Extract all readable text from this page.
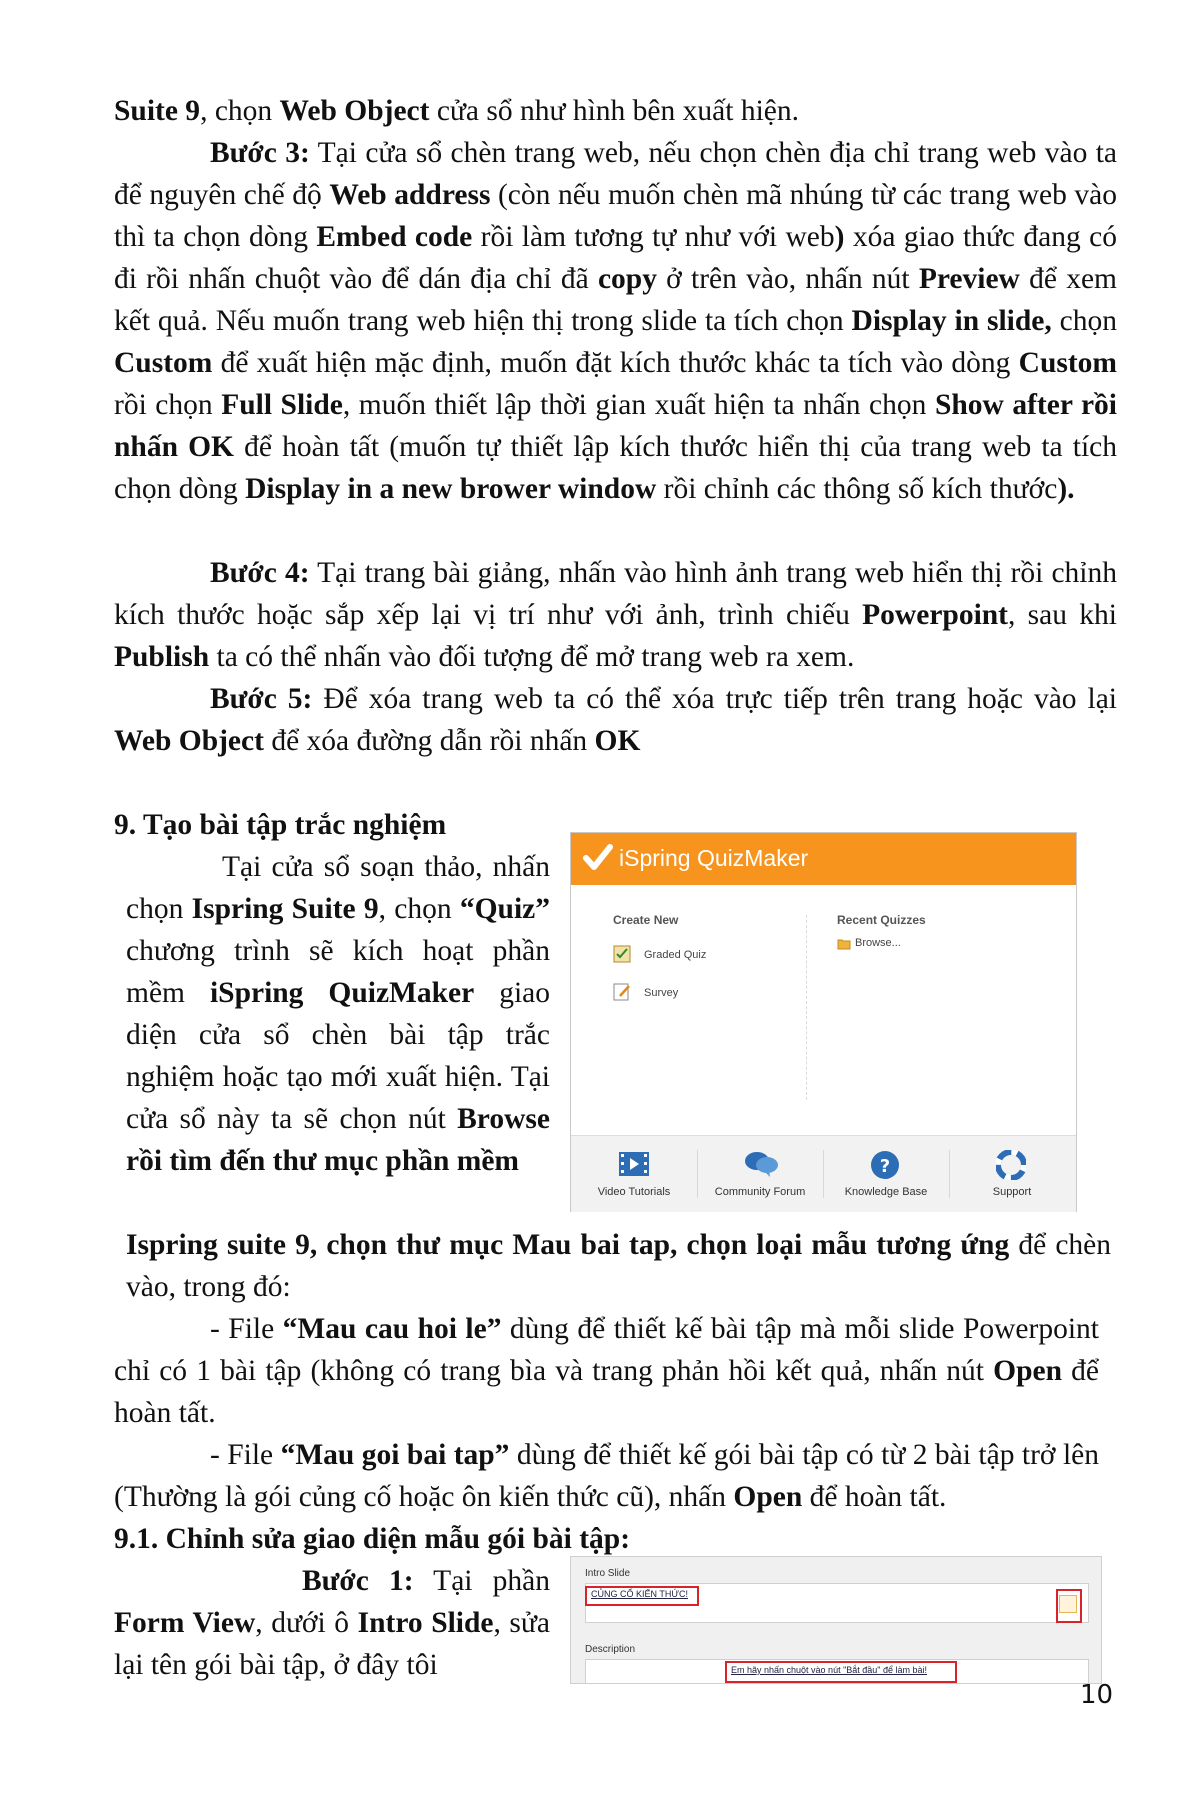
Suite 9, chọn Web Object cửa sổ như hình bên xuất hiện.

Bước 3: Tại cửa sổ chèn trang web, nếu chọn chèn địa chỉ trang web vào ta để nguyên chế độ Web address (còn nếu muốn chèn mã nhúng từ các trang web vào thì ta chọn dòng Embed code rồi làm tương tự như với web) xóa giao thức đang có đi rồi nhấn chuột vào để dán địa chỉ đã copy ở trên vào, nhấn nút Preview để xem kết quả. Nếu muốn trang web hiện thị trong slide ta tích chọn Display in slide, chọn Custom để xuất hiện mặc định, muốn đặt kích thước khác ta tích vào dòng Custom rồi chọn Full Slide, muốn thiết lập thời gian xuất hiện ta nhấn chọn Show after rồi nhấn OK để hoàn tất (muốn tự thiết lập kích thước hiển thị của trang web ta tích chọn dòng Display in a new brower window rồi chỉnh các thông số kích thước).

Bước 4: Tại trang bài giảng, nhấn vào hình ảnh trang web hiển thị rồi chỉnh kích thước hoặc sắp xếp lại vị trí như với ảnh, trình chiếu Powerpoint, sau khi Publish ta có thể nhấn vào đối tượng để mở trang web ra xem.

Bước 5: Để xóa trang web ta có thể xóa trực tiếp trên trang hoặc vào lại Web Object để xóa đường dẫn rồi nhấn OK

9. Tạo bài tập trắc nghiệm

Tại cửa sổ soạn thảo, nhấn chọn Ispring Suite 9, chọn “Quiz” chương trình sẽ kích hoạt phần mềm iSpring QuizMaker giao diện cửa sổ chèn bài tập trắc nghiệm hoặc tạo mới xuất hiện. Tại cửa sổ này ta sẽ chọn nút Browse rồi tìm đến thư mục phần mềm

Ispring suite 9, chọn thư mục Mau bai tap, chọn loại mẫu tương ứng để chèn vào, trong đó:

- File “Mau cau hoi le” dùng để thiết kế bài tập mà mỗi slide Powerpoint chỉ có 1 bài tập (không có trang bìa và trang phản hồi kết quả, nhấn nút Open để hoàn tất.

- File “Mau goi bai tap” dùng để thiết kế gói bài tập có từ 2 bài tập trở lên (Thường là gói củng cố hoặc ôn kiến thức cũ), nhấn Open để hoàn tất.

9.1. Chỉnh sửa giao diện mẫu gói bài tập:

Bước 1: Tại phần Form View, dưới ô Intro Slide, sửa lại tên gói bài tập, ở đây tôi

iSpring QuizMaker
Create New	Recent Quizzes
Graded Quiz
Survey
Browse...
Video Tutorials	Community Forum
?
Knowledge Base	Support
Intro Slide
CỦNG CỐ KIẾN THỨC!
Description
Em hãy nhấn chuột vào nút "Bắt đầu" để làm bài!
10
